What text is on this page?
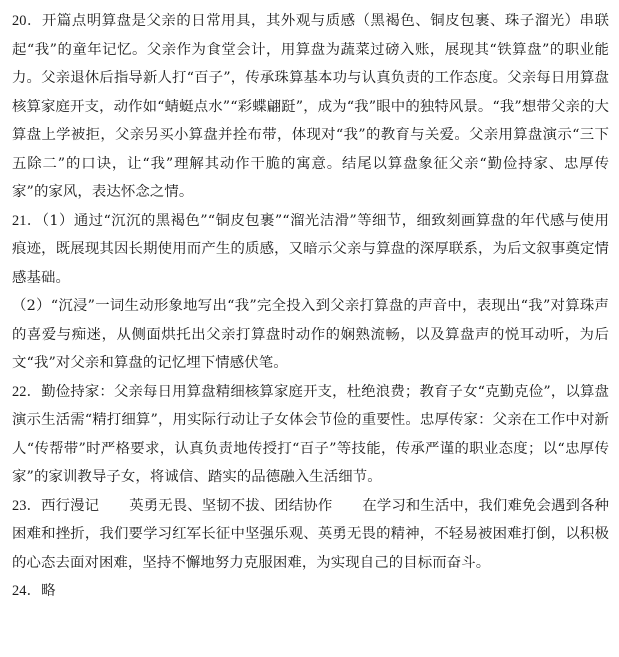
20．开篇点明算盘是父亲的日常用具，其外观与质感（黑褐色、铜皮包裹、珠子溜光）串联起“我”的童年记忆。父亲作为食堂会计，用算盘为蔬菜过磅入账，展现其“铁算盘”的职业能力。父亲退休后指导新人打“百子”，传承珠算基本功与认真负责的工作态度。父亲每日用算盘核算家庭开支，动作如“蜻蜓点水”“彩蝶翩跹”，成为“我”眼中的独特风景。“我”想带父亲的大算盘上学被拒，父亲另买小算盘并拴布带，体现对“我”的教育与关爱。父亲用算盘演示“三下五除二”的口诀，让“我”理解其动作干脆的寓意。结尾以算盘象征父亲“勤俭持家、忠厚传家”的家风，表达怀念之情。

21．（1）通过“沉沉的黑褐色”“铜皮包裹”“溜光洁滑”等细节，细致刻画算盘的年代感与使用痕迹，既展现其因长期使用而产生的质感，又暗示父亲与算盘的深厚联系，为后文叙事奠定情感基础。

（2）“沉浸”一词生动形象地写出“我”完全投入到父亲打算盘的声音中，表现出“我”对算珠声的喜爱与痴迷，从侧面烘托出父亲打算盘时动作的娴熟流畅，以及算盘声的悦耳动听，为后文“我”对父亲和算盘的记忆埋下情感伏笔。

22．勤俭持家：父亲每日用算盘精细核算家庭开支，杜绝浪费；教育子女“克勤克俭”，以算盘演示生活需“精打细算”，用实际行动让子女体会节俭的重要性。忠厚传家：父亲在工作中对新人“传帮带”时严格要求，认真负责地传授打“百子”等技能，传承严谨的职业态度；以“忠厚传家”的家训教导子女，将诚信、踏实的品德融入生活细节。

23．西行漫记 英勇无畏、坚韧不拔、团结协作 在学习和生活中，我们难免会遇到各种困难和挫折，我们要学习红军长征中坚强乐观、英勇无畏的精神，不轻易被困难打倒，以积极的心态去面对困难，坚持不懈地努力克服困难，为实现自己的目标而奋斗。

24．略
